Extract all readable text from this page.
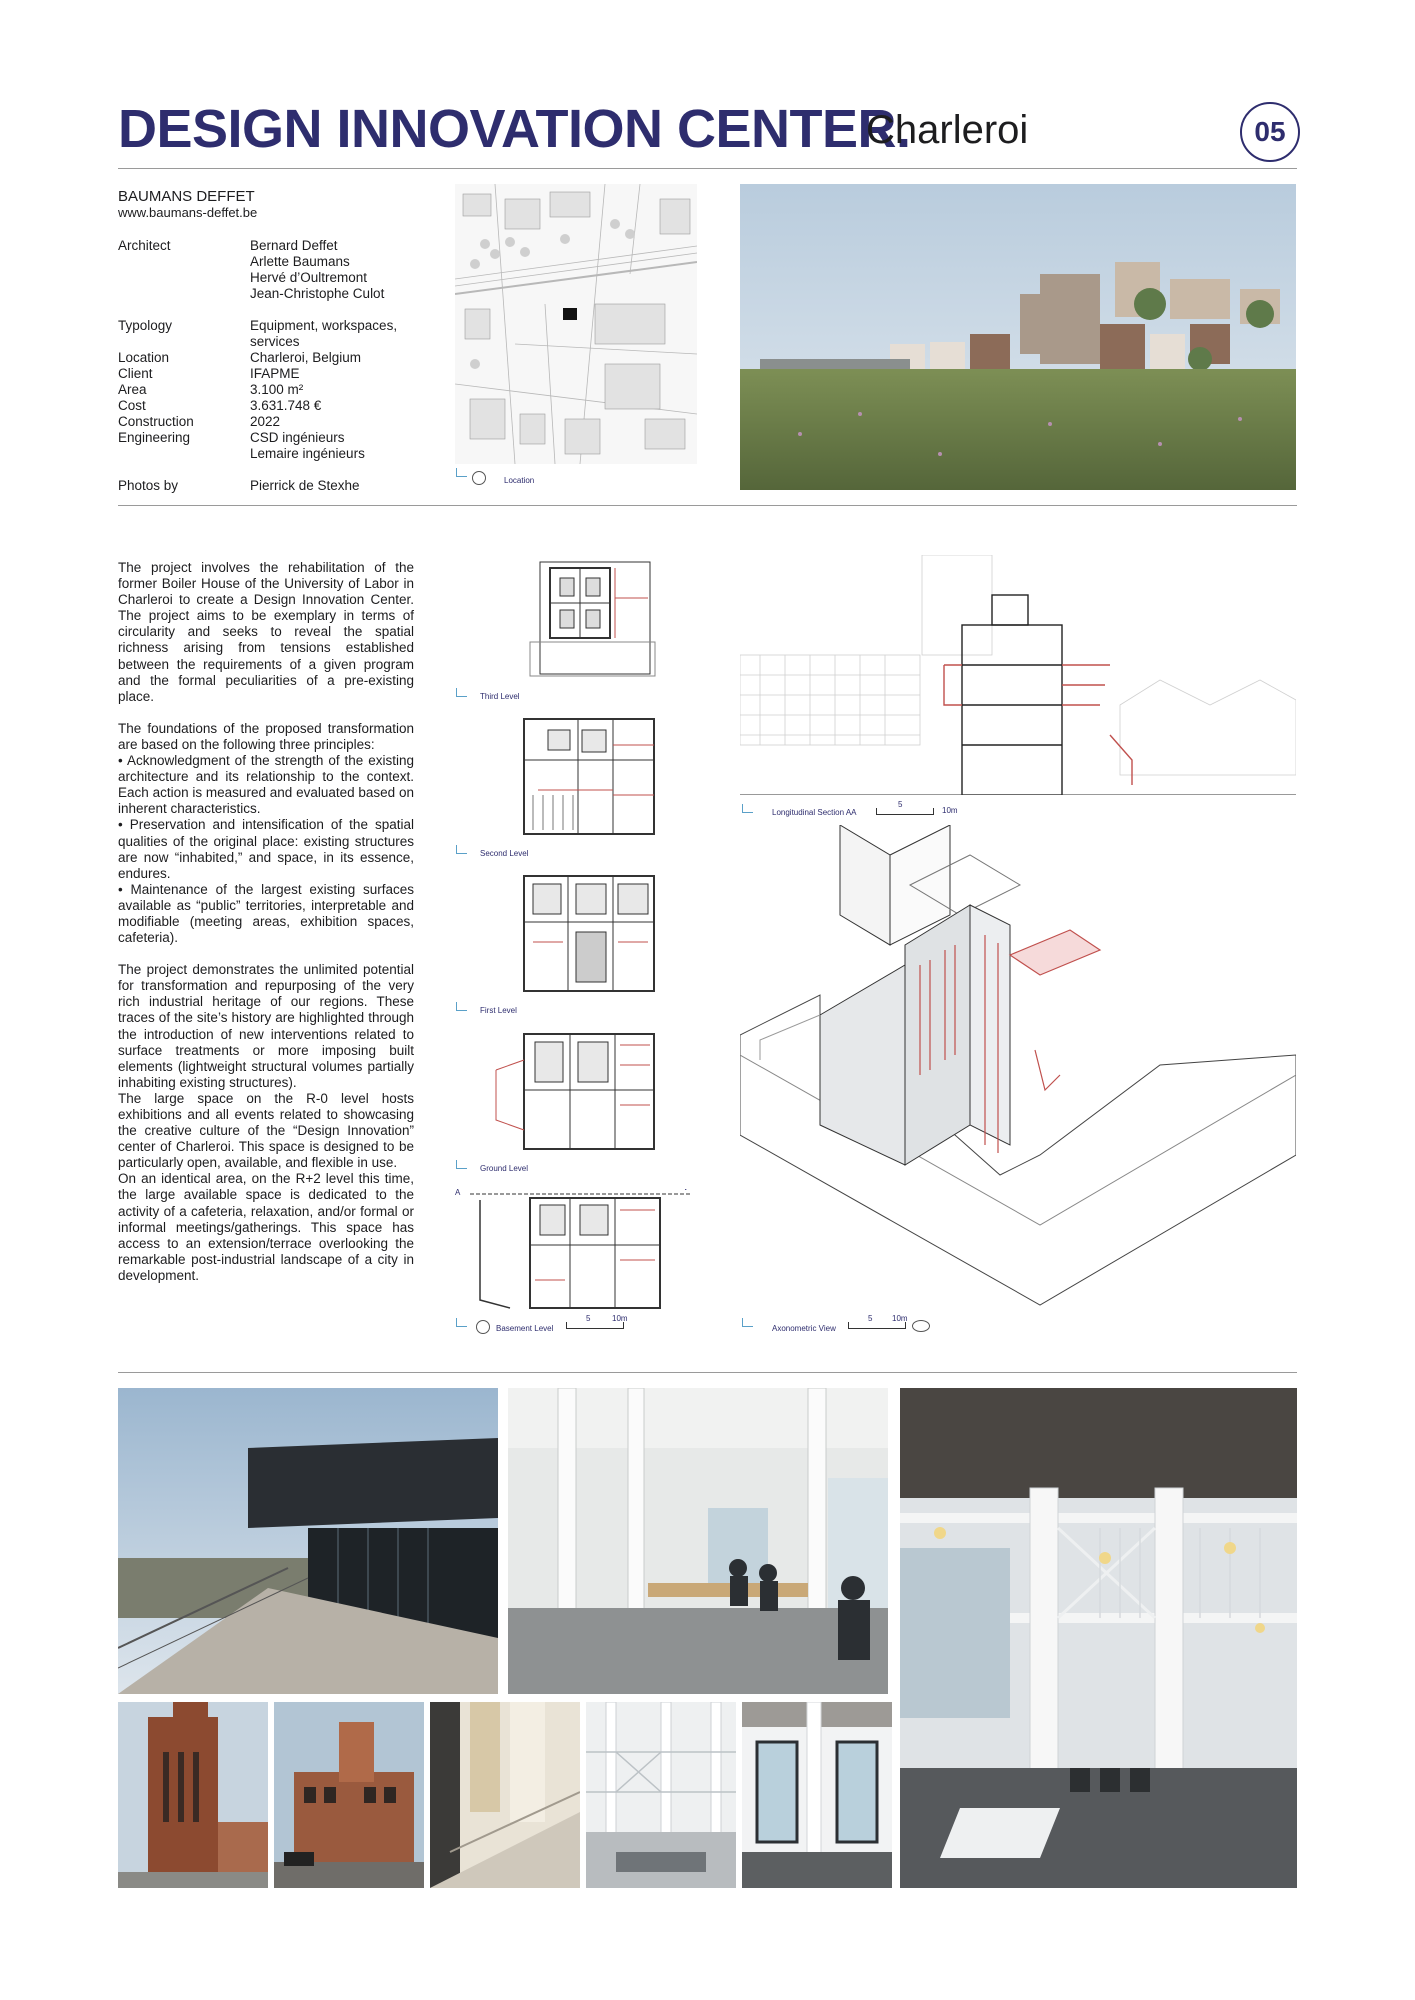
DESIGN INNOVATION CENTER.
Charleroi	05
BAUMANS DEFFET
www.baumans-deffet.be
Architect	Bernard Deffet
Arlette Baumans
Hervé d’Oultremont
Jean-Christophe Culot
Typology	Equipment, workspaces,
services
Location	Charleroi, Belgium
Client	IFAPME
Area	3.100 m²
Cost	3.631.748 €
Construction	2022
Engineering	CSD ingénieurs
Lemaire ingénieurs
Photos by	Pierrick de Stexhe	Location

The project involves the rehabilitation of the former Boiler House of the University of Labor in Charleroi to create a Design Innovation Center. The project aims to be exemplary in terms of circularity and seeks to reveal the spatial richness arising from tensions established between the requirements of a given program and the formal peculiarities of a pre-existing place.

The foundations of the proposed transformation are based on the following three principles:

• Acknowledgment of the strength of the existing architecture and its relationship to the context. Each action is measured and evaluated based on inherent characteristics.
• Preservation and intensification of the spatial qualities of the original place: existing structures are now “inhabited,” and space, in its essence, endures.
• Maintenance of the largest existing surfaces available as “public” territories, interpretable and modifiable (meeting areas, exhibition spaces, cafeteria).

The project demonstrates the unlimited potential for transformation and repurposing of the very rich industrial heritage of our regions. These traces of the site’s history are highlighted through the introduction of new interventions related to surface treatments or more imposing built elements (lightweight structural volumes partially inhabiting existing structures).

The large space on the R-0 level hosts exhibitions and all events related to showcasing the creative culture of the “Design Innovation” center of Charleroi. This space is designed to be particularly open, available, and flexible in use.

On an identical area, on the R+2 level this time, the large available space is dedicated to the activity of a cafeteria, relaxation, and/or formal or informal meetings/gatherings. This space has access to an extension/terrace overlooking the remarkable post-industrial landscape of a city in development.

Third Level
Second Level
First Level
Ground Level
A
Basement Level
5	10m
Longitudinal Section AA
5
10m
Axonometric View
5 10m
